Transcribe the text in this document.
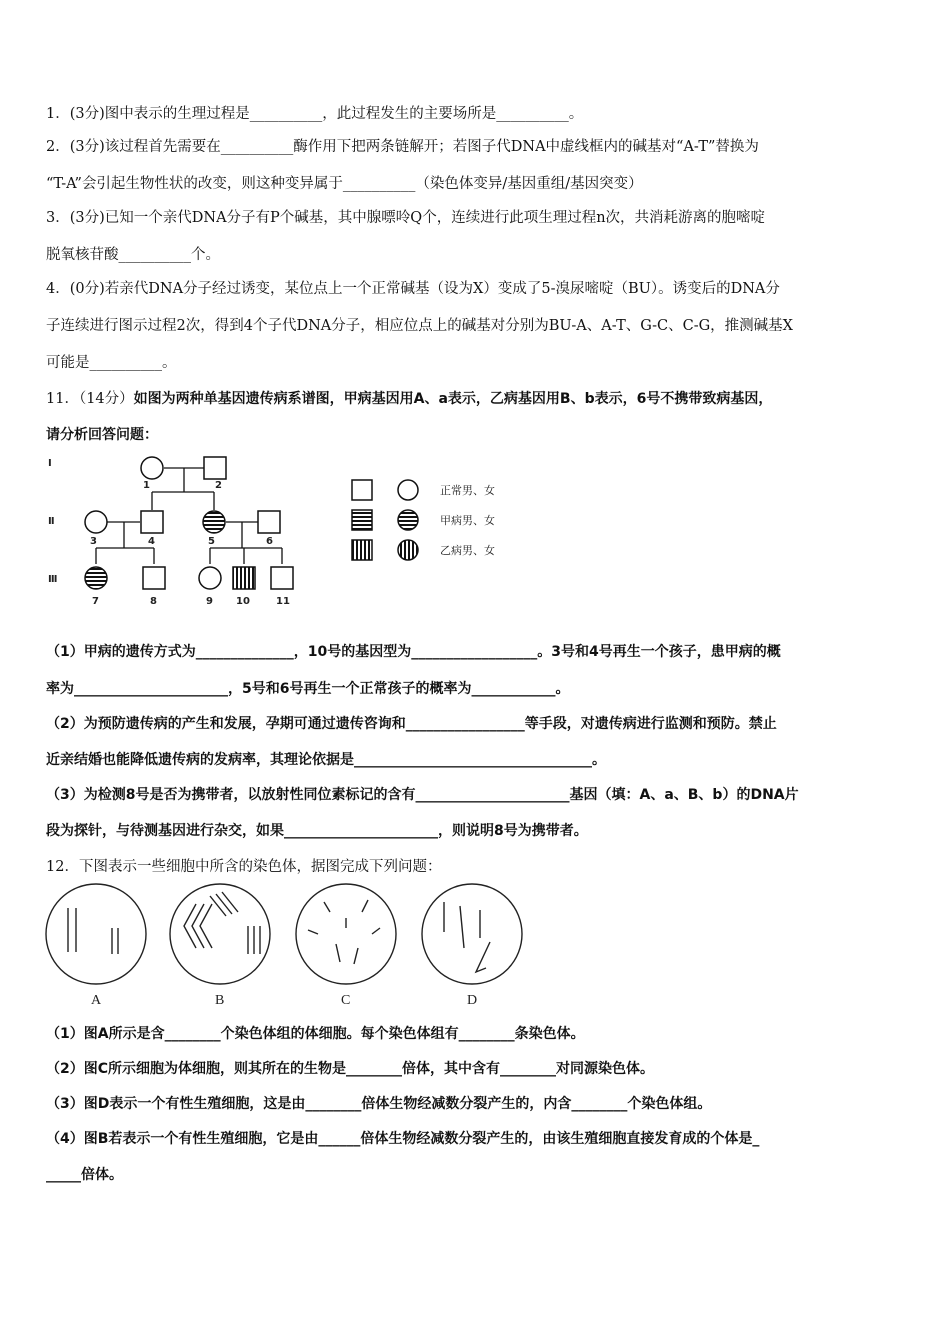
1．(3分)图中表示的生理过程是__________，此过程发生的主要场所是__________。
2．(3分)该过程首先需要在__________酶作用下把两条链解开；若图子代DNA中虚线框内的碱基对“A-T”替换为
“T-A”会引起生物性状的改变，则这种变异属于__________（染色体变异/基因重组/基因突变）
3．(3分)已知一个亲代DNA分子有P个碱基，其中腺嘌呤Q个，连续进行此项生理过程n次，共消耗游离的胞嘧啶
脱氧核苷酸__________个。
4．(0分)若亲代DNA分子经过诱变，某位点上一个正常碱基（设为X）变成了5-溴尿嘧啶（BU）。诱变后的DNA分
子连续进行图示过程2次，得到4个子代DNA分子，相应位点上的碱基对分别为BU-A、A-T、G-C、C-G，推测碱基X
可能是__________。
11．（14分）如图为两种单基因遗传病系谱图，甲病基因用A、a表示，乙病基因用B、b表示，6号不携带致病基因，
请分析回答问题：
Ⅰ
Ⅱ
Ⅲ
1	2
3	4	5	6
7	8	9 10	11
正常男、女
甲病男、女
乙病男、女
（1）甲病的遗传方式为______________，10号的基因型为__________________。3号和4号再生一个孩子，患甲病的概
率为______________________，5号和6号再生一个正常孩子的概率为____________。
（2）为预防遗传病的产生和发展，孕期可通过遗传咨询和_________________等手段，对遗传病进行监测和预防。禁止
近亲结婚也能降低遗传病的发病率，其理论依据是__________________________________。
（3）为检测8号是否为携带者，以放射性同位素标记的含有______________________基因（填：A、a、B、b）的DNA片
段为探针，与待测基因进行杂交，如果______________________，则说明8号为携带者。
12．下图表示一些细胞中所含的染色体，据图完成下列问题：
A	B	C	D
（1）图A所示是含________个染色体组的体细胞。每个染色体组有________条染色体。
（2）图C所示细胞为体细胞，则其所在的生物是________倍体，其中含有________对同源染色体。
（3）图D表示一个有性生殖细胞，这是由________倍体生物经减数分裂产生的，内含________个染色体组。
（4）图B若表示一个有性生殖细胞，它是由______倍体生物经减数分裂产生的，由该生殖细胞直接发育成的个体是_
_____倍体。
